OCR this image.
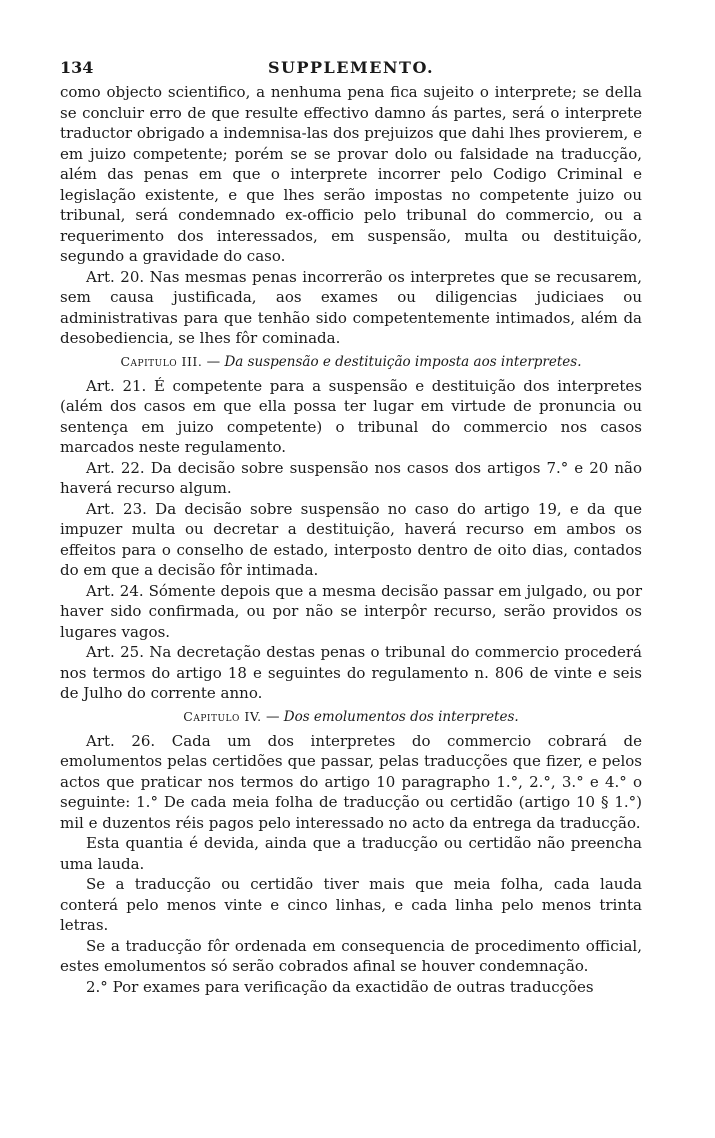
134	SUPPLEMENTO.

como objecto scientifico, a nenhuma pena fica sujeito o interprete; se della se concluir erro de que resulte effectivo damno ás partes, será o interprete traductor obrigado a indemnisa-las dos prejuizos que dahi lhes provierem, e em juizo competente; porém se se provar dolo ou falsidade na traducção, além das penas em que o interprete incorrer pelo Codigo Criminal e legislação existente, e que lhes serão impostas no competente juizo ou tribunal, será condemnado ex-officio pelo tribunal do commercio, ou a requerimento dos interessados, em suspensão, multa ou destituição, segundo a gravidade do caso.

Art. 20. Nas mesmas penas incorrerão os interpretes que se recusarem, sem causa justificada, aos exames ou diligencias judiciaes ou administrativas para que tenhão sido competentemente intimados, além da desobediencia, se lhes fôr cominada.

Capitulo III. — Da suspensão e destituição imposta aos interpretes.

Art. 21. É competente para a suspensão e destituição dos interpretes (além dos casos em que ella possa ter lugar em virtude de pronuncia ou sentença em juizo competente) o tribunal do commercio nos casos marcados neste regulamento.

Art. 22. Da decisão sobre suspensão nos casos dos artigos 7.° e 20 não haverá recurso algum.

Art. 23. Da decisão sobre suspensão no caso do artigo 19, e da que impuzer multa ou decretar a destituição, haverá recurso em ambos os effeitos para o conselho de estado, interposto dentro de oito dias, contados do em que a decisão fôr intimada.

Art. 24. Sómente depois que a mesma decisão passar em julgado, ou por haver sido confirmada, ou por não se interpôr recurso, serão providos os lugares vagos.

Art. 25. Na decretação destas penas o tribunal do commercio procederá nos termos do artigo 18 e seguintes do regulamento n. 806 de vinte e seis de Julho do corrente anno.

Capitulo IV. — Dos emolumentos dos interpretes.

Art. 26. Cada um dos interpretes do commercio cobrará de emolumentos pelas certidões que passar, pelas traducções que fizer, e pelos actos que praticar nos termos do artigo 10 paragrapho 1.°, 2.°, 3.° e 4.° o seguinte: 1.° De cada meia folha de traducção ou certidão (artigo 10 § 1.°) mil e duzentos réis pagos pelo interessado no acto da entrega da traducção.

Esta quantia é devida, ainda que a traducção ou certidão não preencha uma lauda.

Se a traducção ou certidão tiver mais que meia folha, cada lauda conterá pelo menos vinte e cinco linhas, e cada linha pelo menos trinta letras.

Se a traducção fôr ordenada em consequencia de procedimento official, estes emolumentos só serão cobrados afinal se houver condemnação.

2.° Por exames para verificação da exactidão de outras traducções
